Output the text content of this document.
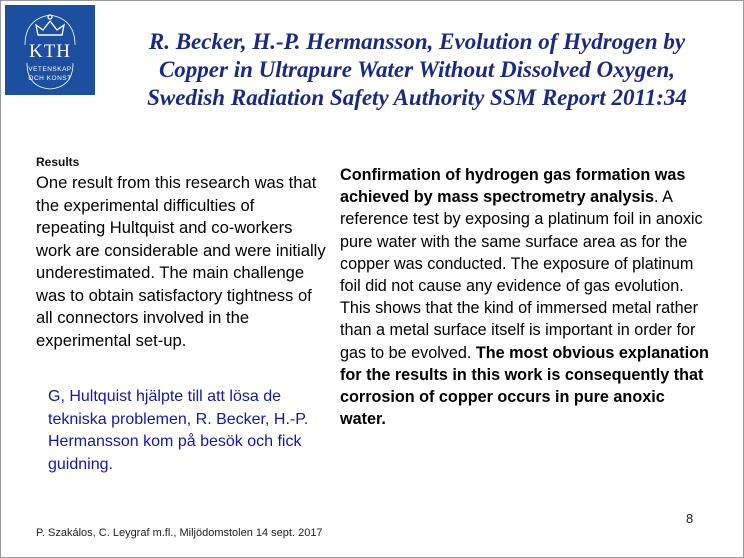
KTH
VETENSKAP
OCH KONST
R. Becker, H.-P. Hermansson, Evolution of Hydrogen by
Copper in Ultrapure Water Without Dissolved Oxygen,
Swedish Radiation Safety Authority SSM Report 2011:34
Results
One result from this research was that the experimental difficulties of repeating Hultquist and co-workers work are considerable and were initially underestimated. The main challenge was to obtain satisfactory tightness of all connectors involved in the experimental set-up.
G, Hultquist hjälpte till att lösa de tekniska problemen, R. Becker, H.-P. Hermansson kom på besök och fick guidning.
Confirmation of hydrogen gas formation was achieved by mass spectrometry analysis. A reference test by exposing a platinum foil in anoxic pure water with the same surface area as for the copper was conducted. The exposure of platinum foil did not cause any evidence of gas evolution. This shows that the kind of immersed metal rather than a metal surface itself is important in order for gas to be evolved. The most obvious explanation for the results in this work is consequently that corrosion of copper occurs in pure anoxic water.
P. Szakálos, C. Leygraf m.fl., Miljödomstolen 14 sept. 2017
8
